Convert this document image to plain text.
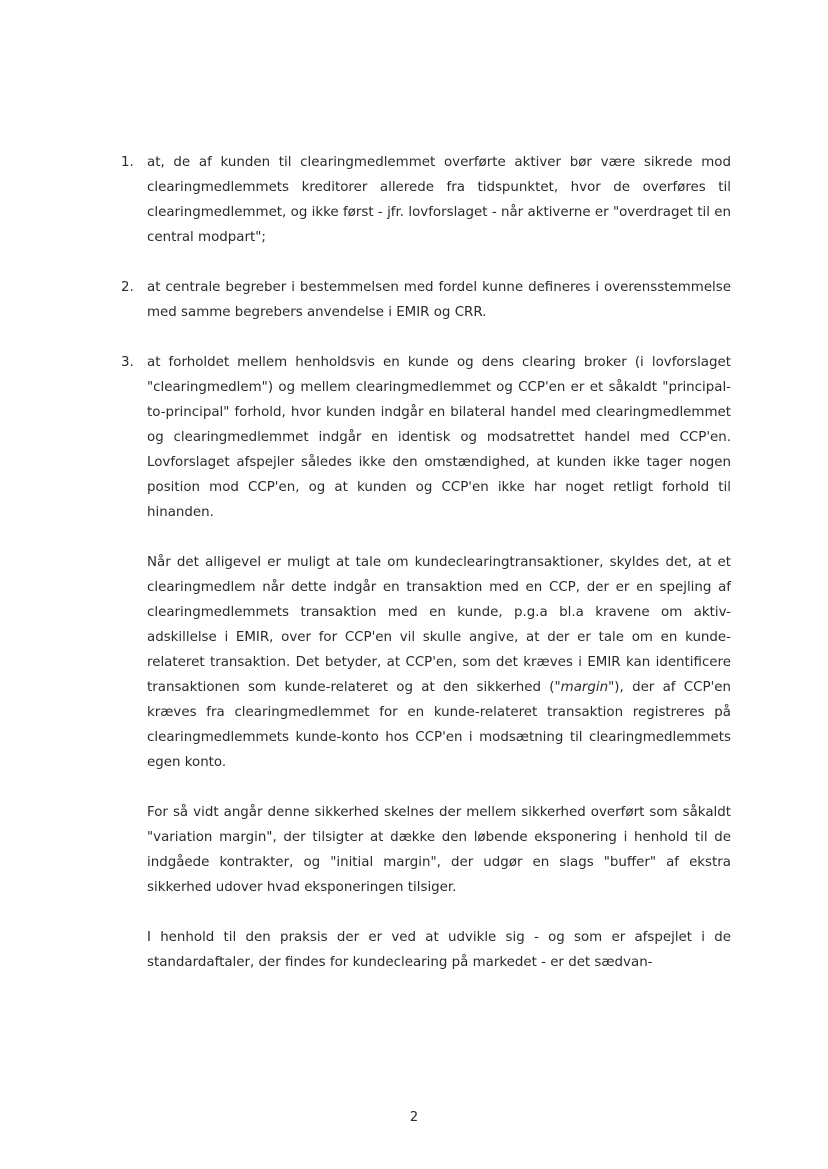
1. at, de af kunden til clearingmedlemmet overførte aktiver bør være sikrede mod clearingmedlemmets kreditorer allerede fra tidspunktet, hvor de overføres til clearingmedlemmet, og ikke først - jfr. lovforslaget - når aktiverne er "overdraget til en central modpart";
2. at centrale begreber i bestemmelsen med fordel kunne defineres i overensstemmelse med samme begrebers anvendelse i EMIR og CRR.
3. at forholdet mellem henholdsvis en kunde og dens clearing broker (i lovforslaget "clearingmedlem") og mellem clearingmedlemmet og CCP'en er et såkaldt "principal-to-principal" forhold, hvor kunden indgår en bilateral handel med clearingmedlemmet og clearingmedlemmet indgår en identisk og modsatrettet handel med CCP'en. Lovforslaget afspejler således ikke den omstændighed, at kunden ikke tager nogen position mod CCP'en, og at kunden og CCP'en ikke har noget retligt forhold til hinanden.

Når det alligevel er muligt at tale om kundeclearingtransaktioner, skyldes det, at et clearingmedlem når dette indgår en transaktion med en CCP, der er en spejling af clearingmedlemmets transaktion med en kunde, p.g.a bl.a kravene om aktiv-adskillelse i EMIR, over for CCP'en vil skulle angive, at der er tale om en kunde-relateret transaktion. Det betyder, at CCP'en, som det kræves i EMIR kan identificere transaktionen som kunde-relateret og at den sikkerhed ("margin"), der af CCP'en kræves fra clearingmedlemmet for en kunde-relateret transaktion registreres på clearingmedlemmets kunde-konto hos CCP'en i modsætning til clearingmedlemmets egen konto.

For så vidt angår denne sikkerhed skelnes der mellem sikkerhed overført som såkaldt "variation margin", der tilsigter at dække den løbende eksponering i henhold til de indgåede kontrakter, og "initial margin", der udgør en slags "buffer" af ekstra sikkerhed udover hvad eksponeringen tilsiger.

I henhold til den praksis der er ved at udvikle sig - og som er afspejlet i de standardaftaler, der findes for kundeclearing på markedet - er det sædvan-

2
